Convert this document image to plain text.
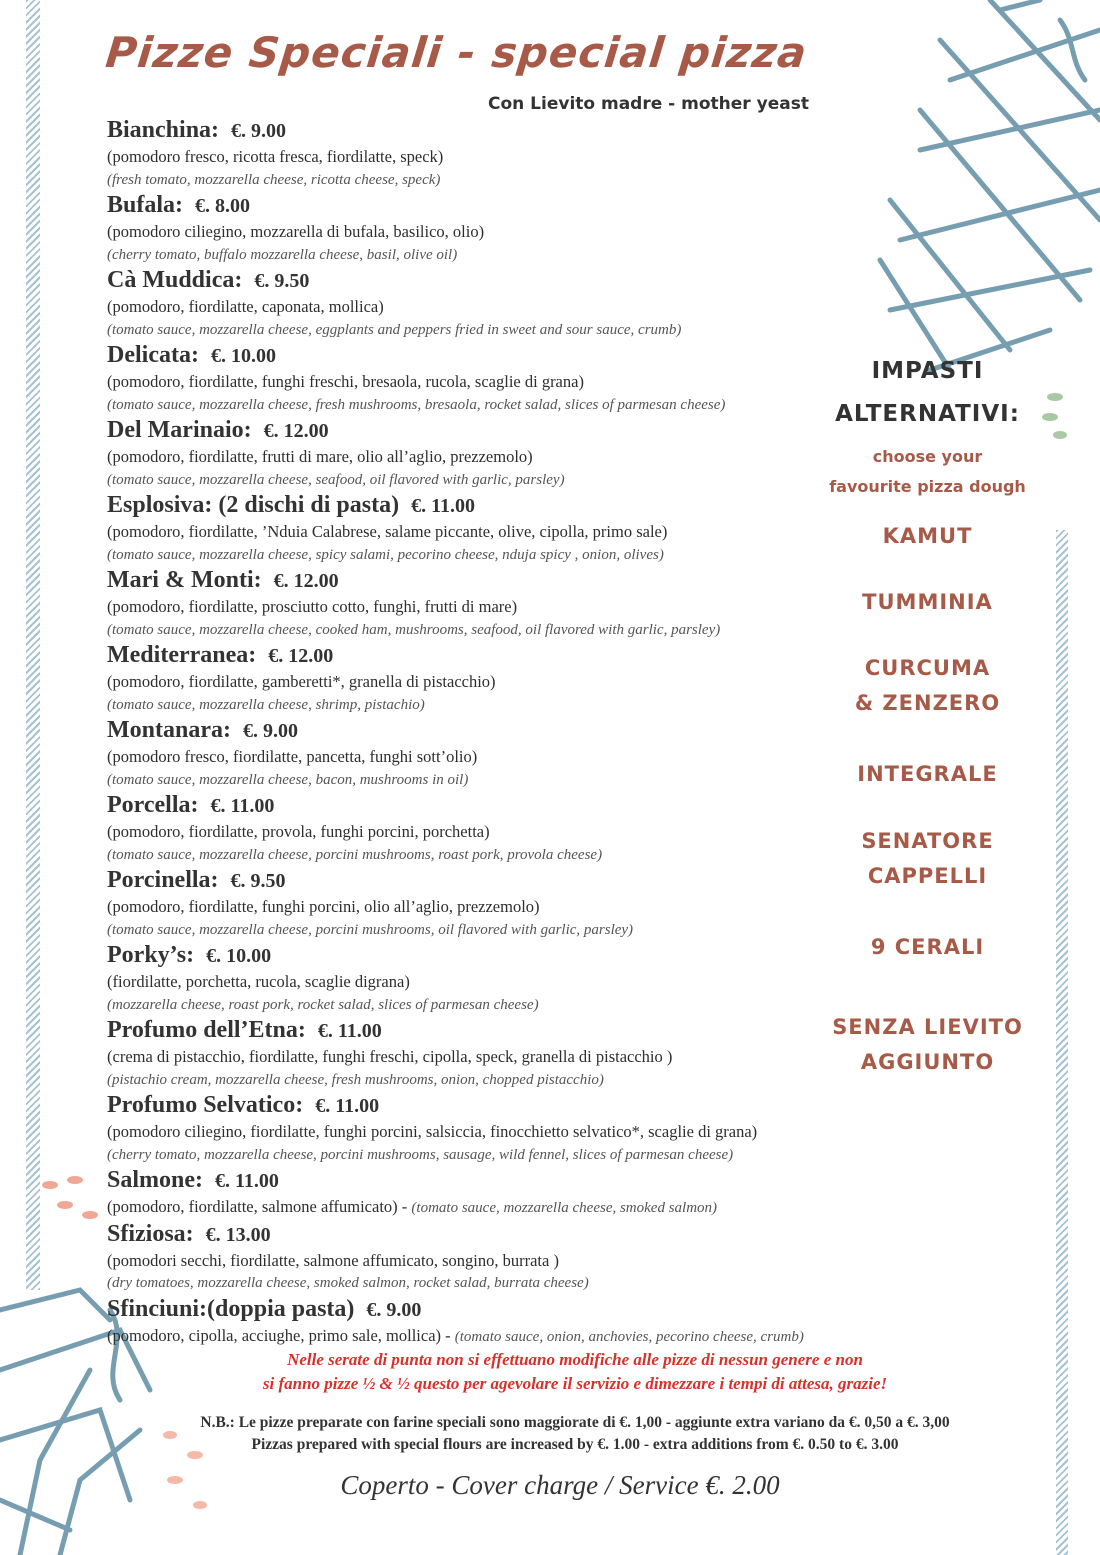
Pizze Speciali - special pizza
Con Lievito madre - mother yeast
Bianchina: €. 9.00
(pomodoro fresco, ricotta fresca, fiordilatte, speck)
(fresh tomato, mozzarella cheese, ricotta cheese, speck)
Bufala: €. 8.00
(pomodoro ciliegino, mozzarella di bufala, basilico, olio)
(cherry tomato, buffalo mozzarella cheese, basil, olive oil)
Cà Muddica: €. 9.50
(pomodoro, fiordilatte, caponata, mollica)
(tomato sauce, mozzarella cheese, eggplants and peppers fried in sweet and sour sauce, crumb)
Delicata: €. 10.00
(pomodoro, fiordilatte, funghi freschi, bresaola, rucola, scaglie di grana)
(tomato sauce, mozzarella cheese, fresh mushrooms, bresaola, rocket salad, slices of parmesan cheese)
Del Marinaio: €. 12.00
(pomodoro, fiordilatte, frutti di mare, olio all’aglio, prezzemolo)
(tomato sauce, mozzarella cheese, seafood, oil flavored with garlic, parsley)
Esplosiva: (2 dischi di pasta) €. 11.00
(pomodoro, fiordilatte, ’Nduia Calabrese, salame piccante, olive, cipolla, primo sale)
(tomato sauce, mozzarella cheese, spicy salami, pecorino cheese, nduja spicy , onion, olives)
Mari & Monti: €. 12.00
(pomodoro, fiordilatte, prosciutto cotto, funghi, frutti di mare)
(tomato sauce, mozzarella cheese, cooked ham, mushrooms, seafood, oil flavored with garlic, parsley)
Mediterranea: €. 12.00
(pomodoro, fiordilatte, gamberetti*, granella di pistacchio)
(tomato sauce, mozzarella cheese, shrimp, pistachio)
Montanara: €. 9.00
(pomodoro fresco, fiordilatte, pancetta, funghi sott’olio)
(tomato sauce, mozzarella cheese, bacon, mushrooms in oil)
Porcella: €. 11.00
(pomodoro, fiordilatte, provola, funghi porcini, porchetta)
(tomato sauce, mozzarella cheese, porcini mushrooms, roast pork, provola cheese)
Porcinella: €. 9.50
(pomodoro, fiordilatte, funghi porcini, olio all’aglio, prezzemolo)
(tomato sauce, mozzarella cheese, porcini mushrooms, oil flavored with garlic, parsley)
Porky’s: €. 10.00
(fiordilatte, porchetta, rucola, scaglie digrana)
(mozzarella cheese, roast pork, rocket salad, slices of parmesan cheese)
Profumo dell’Etna: €. 11.00
(crema di pistacchio, fiordilatte, funghi freschi, cipolla, speck, granella di pistacchio )
(pistachio cream, mozzarella cheese, fresh mushrooms, onion, chopped pistacchio)
Profumo Selvatico: €. 11.00
(pomodoro ciliegino, fiordilatte, funghi porcini, salsiccia, finocchietto selvatico*, scaglie di grana)
(cherry tomato, mozzarella cheese, porcini mushrooms, sausage, wild fennel, slices of parmesan cheese)
Salmone: €. 11.00
(pomodoro, fiordilatte, salmone affumicato) - (tomato sauce, mozzarella cheese, smoked salmon)
Sfiziosa: €. 13.00
(pomodori secchi, fiordilatte, salmone affumicato, songino, burrata )
(dry tomatoes, mozzarella cheese, smoked salmon, rocket salad, burrata cheese)
Sfinciuni:(doppia pasta) €. 9.00
(pomodoro, cipolla, acciughe, primo sale, mollica) - (tomato sauce, onion, anchovies, pecorino cheese, crumb)
IMPASTI
ALTERNATIVI:
choose your
favourite pizza dough
KAMUT
TUMMINIA
CURCUMA
& ZENZERO
INTEGRALE
SENATORE
CAPPELLI
9 CERALI
SENZA LIEVITO
AGGIUNTO
Nelle serate di punta non si effettuano modifiche alle pizze di nessun genere e non
si fanno pizze ½ & ½ questo per agevolare il servizio e dimezzare i tempi di attesa, grazie!
N.B.: Le pizze preparate con farine speciali sono maggiorate di €. 1,00 - aggiunte extra variano da €. 0,50 a €. 3,00
Pizzas prepared with special flours are increased by €. 1.00 - extra additions from €. 0.50 to €. 3.00
Coperto - Cover charge / Service €. 2.00
